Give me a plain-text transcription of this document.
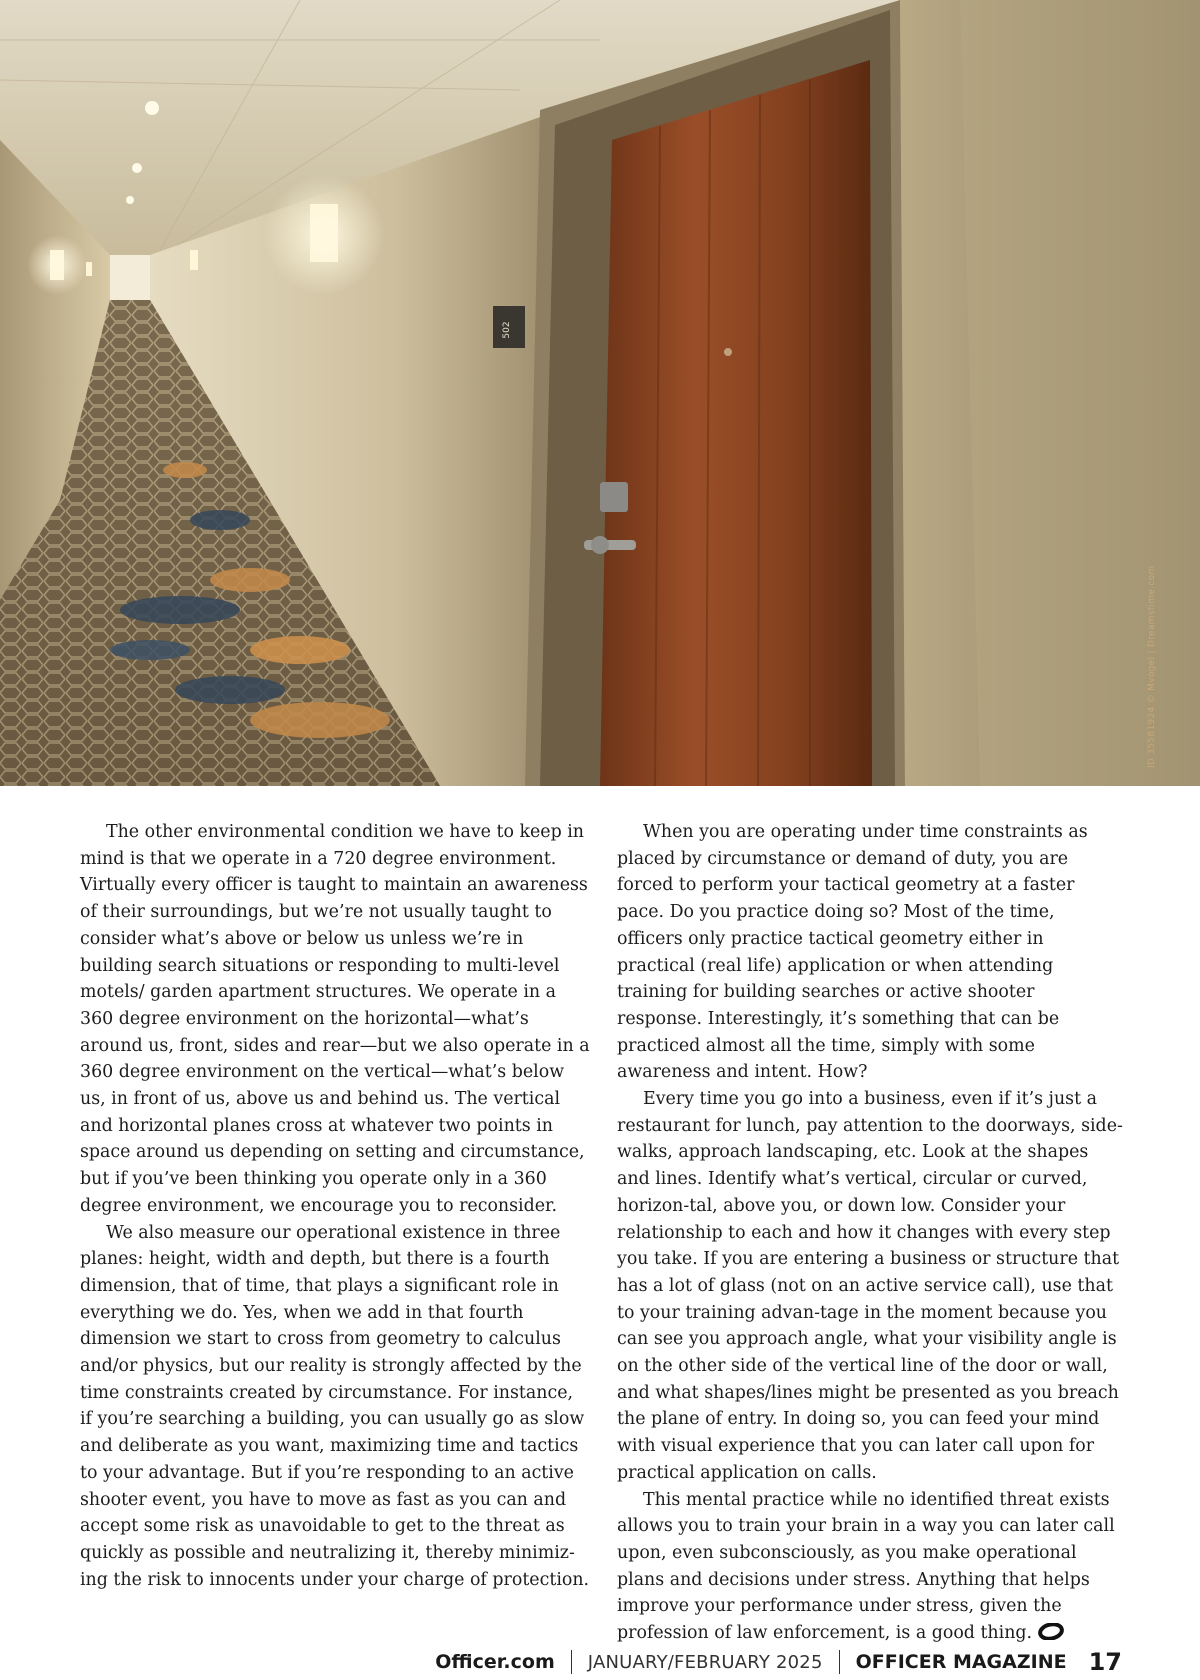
502
ID 35581924 © Mvogel | Dreamstime.com

The other environmental condition we have to keep in mind is that we operate in a 720 degree environment. Virtually every officer is taught to maintain an awareness of their surroundings, but we’re not usually taught to consider what’s above or below us unless we’re in building search situations or responding to multi-level motels/ garden apartment structures. We operate in a 360 degree environment on the horizontal—what’s around us, front, sides and rear—but we also operate in a 360 degree environment on the vertical—what’s below us, in front of us, above us and behind us. The vertical and horizontal planes cross at whatever two points in space around us depending on setting and circumstance, but if you’ve been thinking you operate only in a 360 degree environment, we encourage you to reconsider.

We also measure our operational existence in three planes: height, width and depth, but there is a fourth dimension, that of time, that plays a significant role in everything we do. Yes, when we add in that fourth dimension we start to cross from geometry to calculus and/or physics, but our reality is strongly affected by the time constraints created by circumstance. For instance, if you’re searching a building, you can usually go as slow and deliberate as you want, maximizing time and tactics to your advantage. But if you’re responding to an active shooter event, you have to move as fast as you can and accept some risk as unavoidable to get to the threat as quickly as possible and neutralizing it, thereby minimiz-ing the risk to innocents under your charge of protection.

When you are operating under time constraints as placed by circumstance or demand of duty, you are forced to perform your tactical geometry at a faster pace. Do you practice doing so? Most of the time, officers only practice tactical geometry either in practical (real life) application or when attending training for building searches or active shooter response. Interestingly, it’s something that can be practiced almost all the time, simply with some awareness and intent. How?

Every time you go into a business, even if it’s just a restaurant for lunch, pay attention to the doorways, side-walks, approach landscaping, etc. Look at the shapes and lines. Identify what’s vertical, circular or curved, horizon-tal, above you, or down low. Consider your relationship to each and how it changes with every step you take. If you are entering a business or structure that has a lot of glass (not on an active service call), use that to your training advan-tage in the moment because you can see you approach angle, what your visibility angle is on the other side of the vertical line of the door or wall, and what shapes/lines might be presented as you breach the plane of entry. In doing so, you can feed your mind with visual experience that you can later call upon for practical application on calls.

This mental practice while no identified threat exists allows you to train your brain in a way you can later call upon, even subconsciously, as you make operational plans and decisions under stress. Anything that helps improve your performance under stress, given the profession of law enforcement, is a good thing.

Officer.com JANUARY/FEBRUARY 2025 OFFICER MAGAZINE 17
